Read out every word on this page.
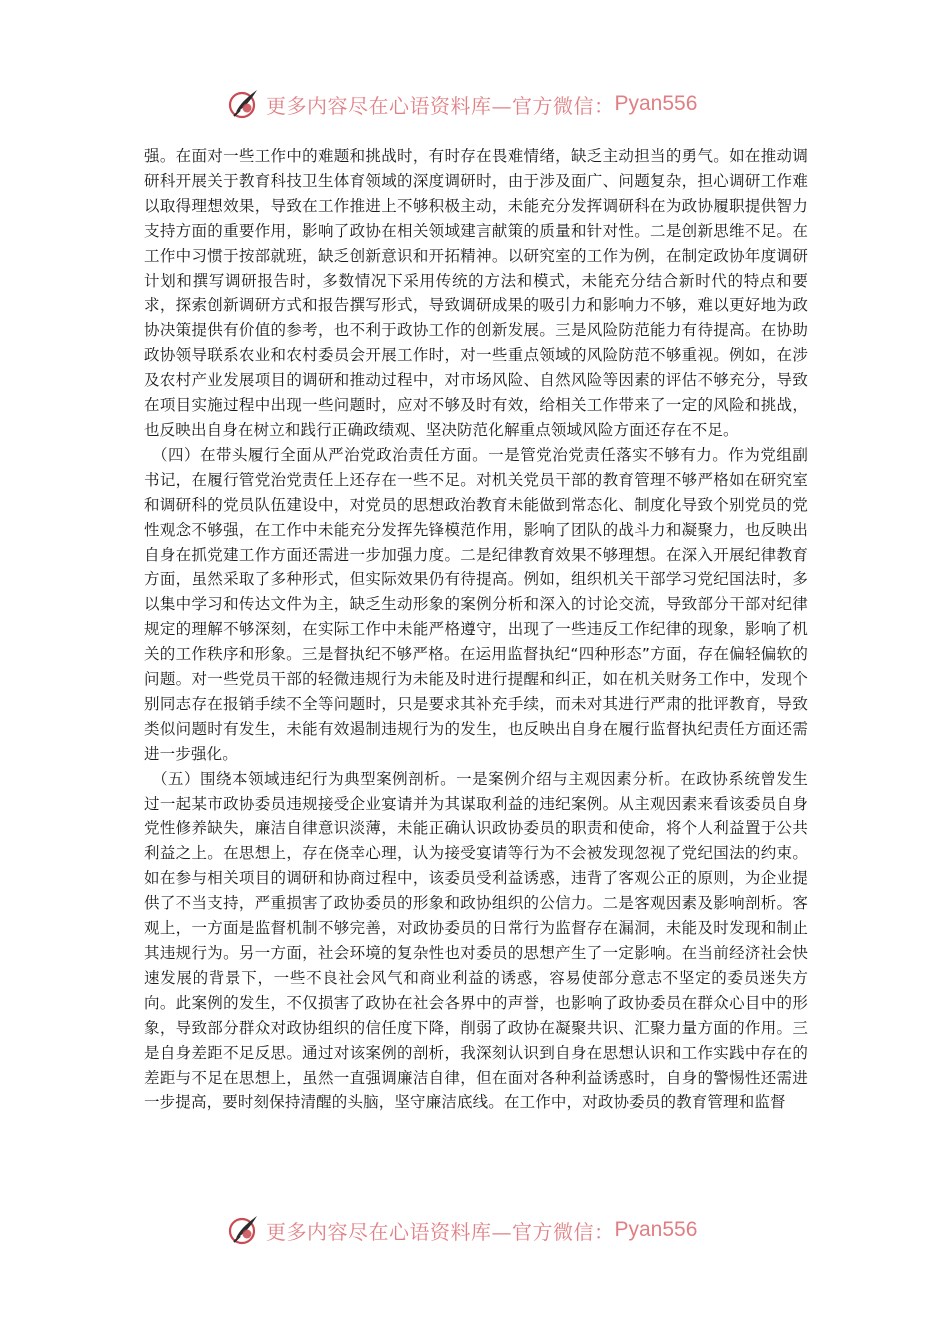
更多内容尽在心语资料库—官方微信： Pyan556

强。在面对一些工作中的难题和挑战时，有时存在畏难情绪，缺乏主动担当的勇气。如在推动调研科开展关于教育科技卫生体育领域的深度调研时，由于涉及面广、问题复杂，担心调研工作难以取得理想效果，导致在工作推进上不够积极主动，未能充分发挥调研科在为政协履职提供智力支持方面的重要作用，影响了政协在相关领域建言献策的质量和针对性。二是创新思维不足。在工作中习惯于按部就班，缺乏创新意识和开拓精神。以研究室的工作为例，在制定政协年度调研计划和撰写调研报告时，多数情况下采用传统的方法和模式，未能充分结合新时代的特点和要求，探索创新调研方式和报告撰写形式，导致调研成果的吸引力和影响力不够，难以更好地为政协决策提供有价值的参考，也不利于政协工作的创新发展。三是风险防范能力有待提高。在协助政协领导联系农业和农村委员会开展工作时，对一些重点领域的风险防范不够重视。例如，在涉及农村产业发展项目的调研和推动过程中，对市场风险、自然风险等因素的评估不够充分，导致在项目实施过程中出现一些问题时，应对不够及时有效，给相关工作带来了一定的风险和挑战，也反映出自身在树立和践行正确政绩观、坚决防范化解重点领域风险方面还存在不足。

（四）在带头履行全面从严治党政治责任方面。一是管党治党责任落实不够有力。作为党组副书记，在履行管党治党责任上还存在一些不足。对机关党员干部的教育管理不够严格如在研究室和调研科的党员队伍建设中，对党员的思想政治教育未能做到常态化、制度化导致个别党员的党性观念不够强，在工作中未能充分发挥先锋模范作用，影响了团队的战斗力和凝聚力，也反映出自身在抓党建工作方面还需进一步加强力度。二是纪律教育效果不够理想。在深入开展纪律教育方面，虽然采取了多种形式，但实际效果仍有待提高。例如，组织机关干部学习党纪国法时，多以集中学习和传达文件为主，缺乏生动形象的案例分析和深入的讨论交流，导致部分干部对纪律规定的理解不够深刻，在实际工作中未能严格遵守，出现了一些违反工作纪律的现象，影响了机关的工作秩序和形象。三是督执纪不够严格。在运用监督执纪“四种形态”方面，存在偏轻偏软的问题。对一些党员干部的轻微违规行为未能及时进行提醒和纠正，如在机关财务工作中，发现个别同志存在报销手续不全等问题时，只是要求其补充手续，而未对其进行严肃的批评教育，导致类似问题时有发生，未能有效遏制违规行为的发生，也反映出自身在履行监督执纪责任方面还需进一步强化。

（五）围绕本领域违纪行为典型案例剖析。一是案例介绍与主观因素分析。在政协系统曾发生过一起某市政协委员违规接受企业宴请并为其谋取利益的违纪案例。从主观因素来看该委员自身党性修养缺失，廉洁自律意识淡薄，未能正确认识政协委员的职责和使命，将个人利益置于公共利益之上。在思想上，存在侥幸心理，认为接受宴请等行为不会被发现忽视了党纪国法的约束。如在参与相关项目的调研和协商过程中，该委员受利益诱惑，违背了客观公正的原则，为企业提供了不当支持，严重损害了政协委员的形象和政协组织的公信力。二是客观因素及影响剖析。客观上，一方面是监督机制不够完善，对政协委员的日常行为监督存在漏洞，未能及时发现和制止其违规行为。另一方面，社会环境的复杂性也对委员的思想产生了一定影响。在当前经济社会快速发展的背景下，一些不良社会风气和商业利益的诱惑，容易使部分意志不坚定的委员迷失方向。此案例的发生，不仅损害了政协在社会各界中的声誉，也影响了政协委员在群众心目中的形象，导致部分群众对政协组织的信任度下降，削弱了政协在凝聚共识、汇聚力量方面的作用。三是自身差距不足反思。通过对该案例的剖析，我深刻认识到自身在思想认识和工作实践中存在的差距与不足在思想上，虽然一直强调廉洁自律，但在面对各种利益诱惑时，自身的警惕性还需进一步提高，要时刻保持清醒的头脑，坚守廉洁底线。在工作中，对政协委员的教育管理和监督

更多内容尽在心语资料库—官方微信： Pyan556
